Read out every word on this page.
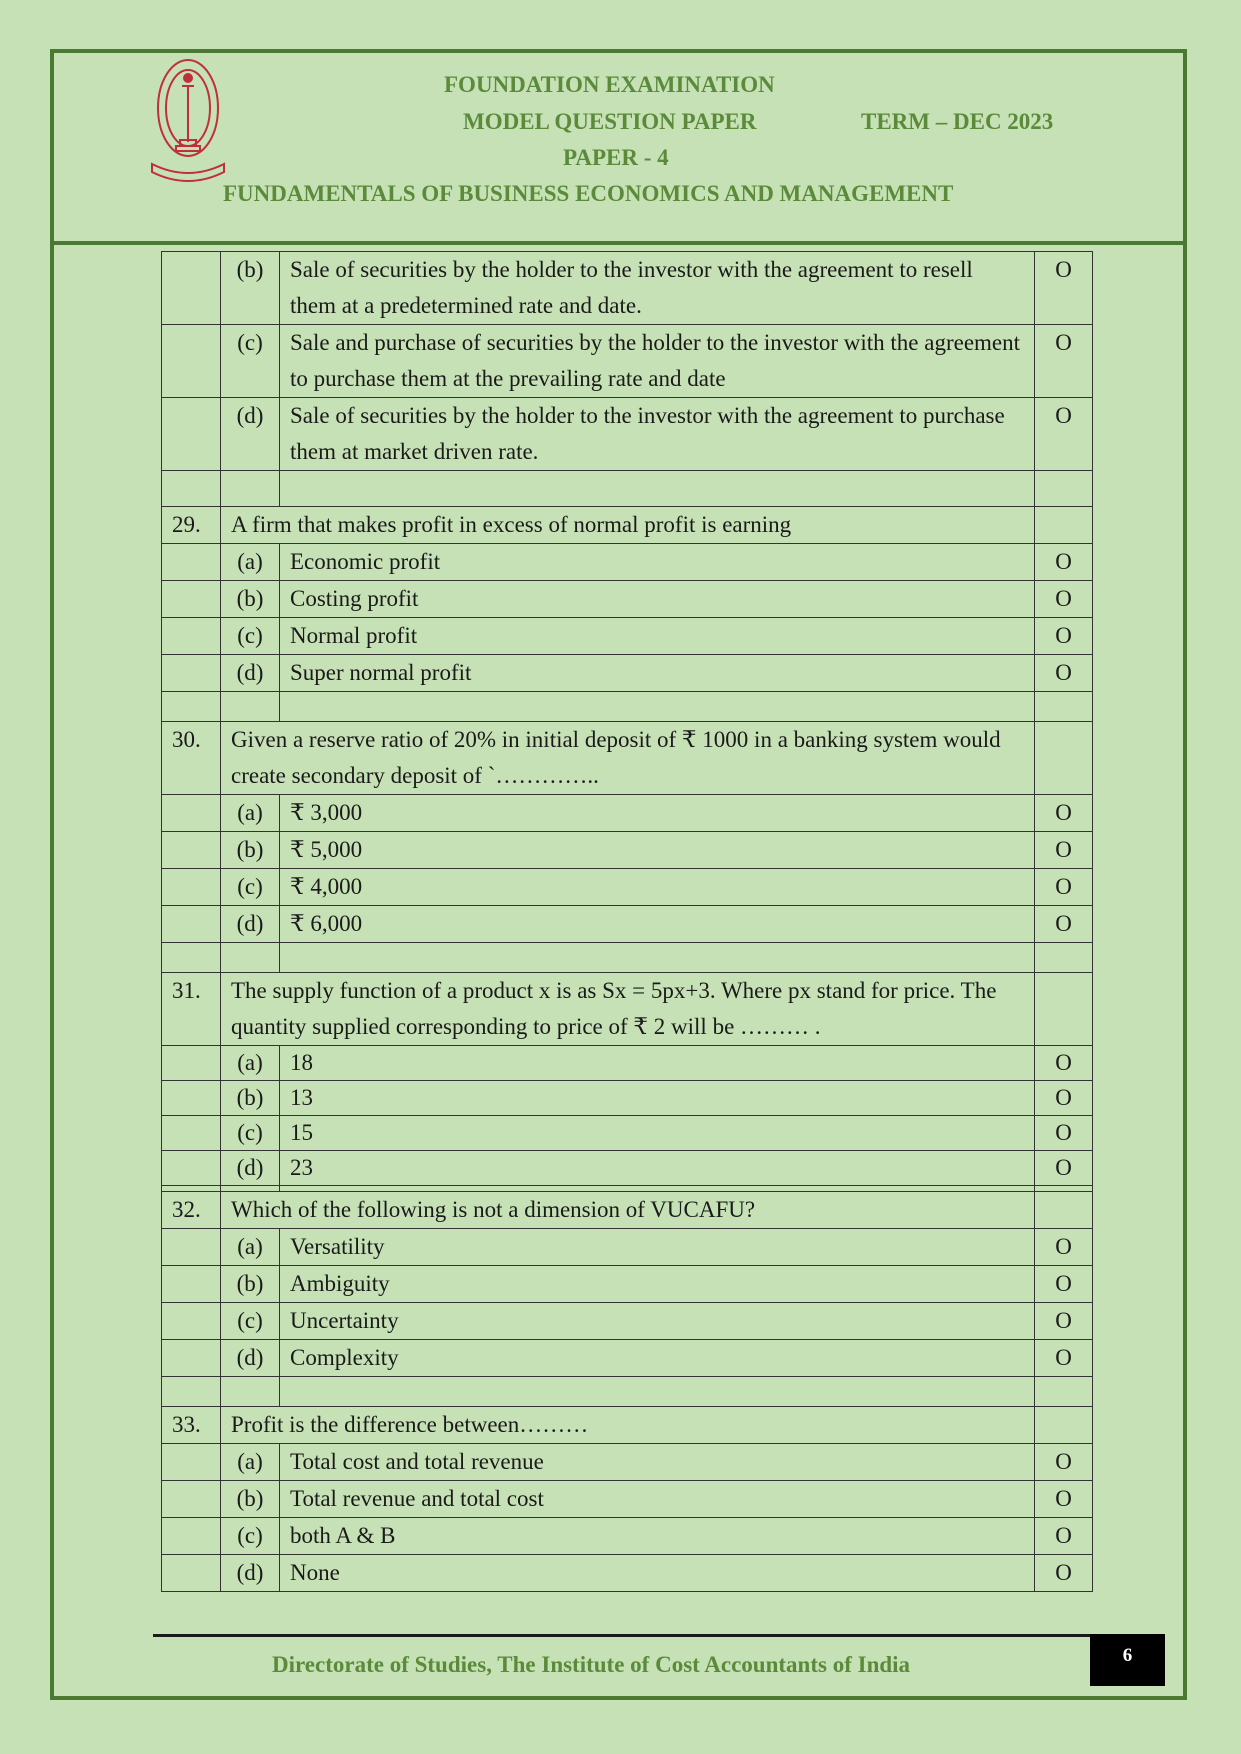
FOUNDATION EXAMINATION
MODEL QUESTION PAPER	TERM – DEC 2023
PAPER - 4
FUNDAMENTALS OF BUSINESS ECONOMICS AND MANAGEMENT
	(b)	Sale of securities by the holder to the investor with the agreement to resell them at a predetermined rate and date.	O
	(c)	Sale and purchase of securities by the holder to the investor with the agreement to purchase them at the prevailing rate and date	O
	(d)	Sale of securities by the holder to the investor with the agreement to purchase them at market driven rate.	O

29.	A firm that makes profit in excess of normal profit is earning		
	(a)	Economic profit	O
	(b)	Costing profit	O
	(c)	Normal profit	O
	(d)	Super normal profit	O

30.	Given a reserve ratio of 20% in initial deposit of ₹ 1000 in a banking system would create secondary deposit of `…………..		
	(a)	₹ 3,000	O
	(b)	₹ 5,000	O
	(c)	₹ 4,000	O
	(d)	₹ 6,000	O

31.	The supply function of a product x is as Sx = 5px+3. Where px stand for price. The quantity supplied corresponding to price of ₹ 2 will be ……… .		
	(a)	18	O
	(b)	13	O
	(c)	15	O
	(d)	23	O

32.	Which of the following is not a dimension of VUCAFU?		
	(a)	Versatility	O
	(b)	Ambiguity	O
	(c)	Uncertainty	O
	(d)	Complexity	O

33.	Profit is the difference between………		
	(a)	Total cost and total revenue	O
	(b)	Total revenue and total cost	O
	(c)	both A & B	O
	(d)	None	O
Directorate of Studies, The Institute of Cost Accountants of India	6
